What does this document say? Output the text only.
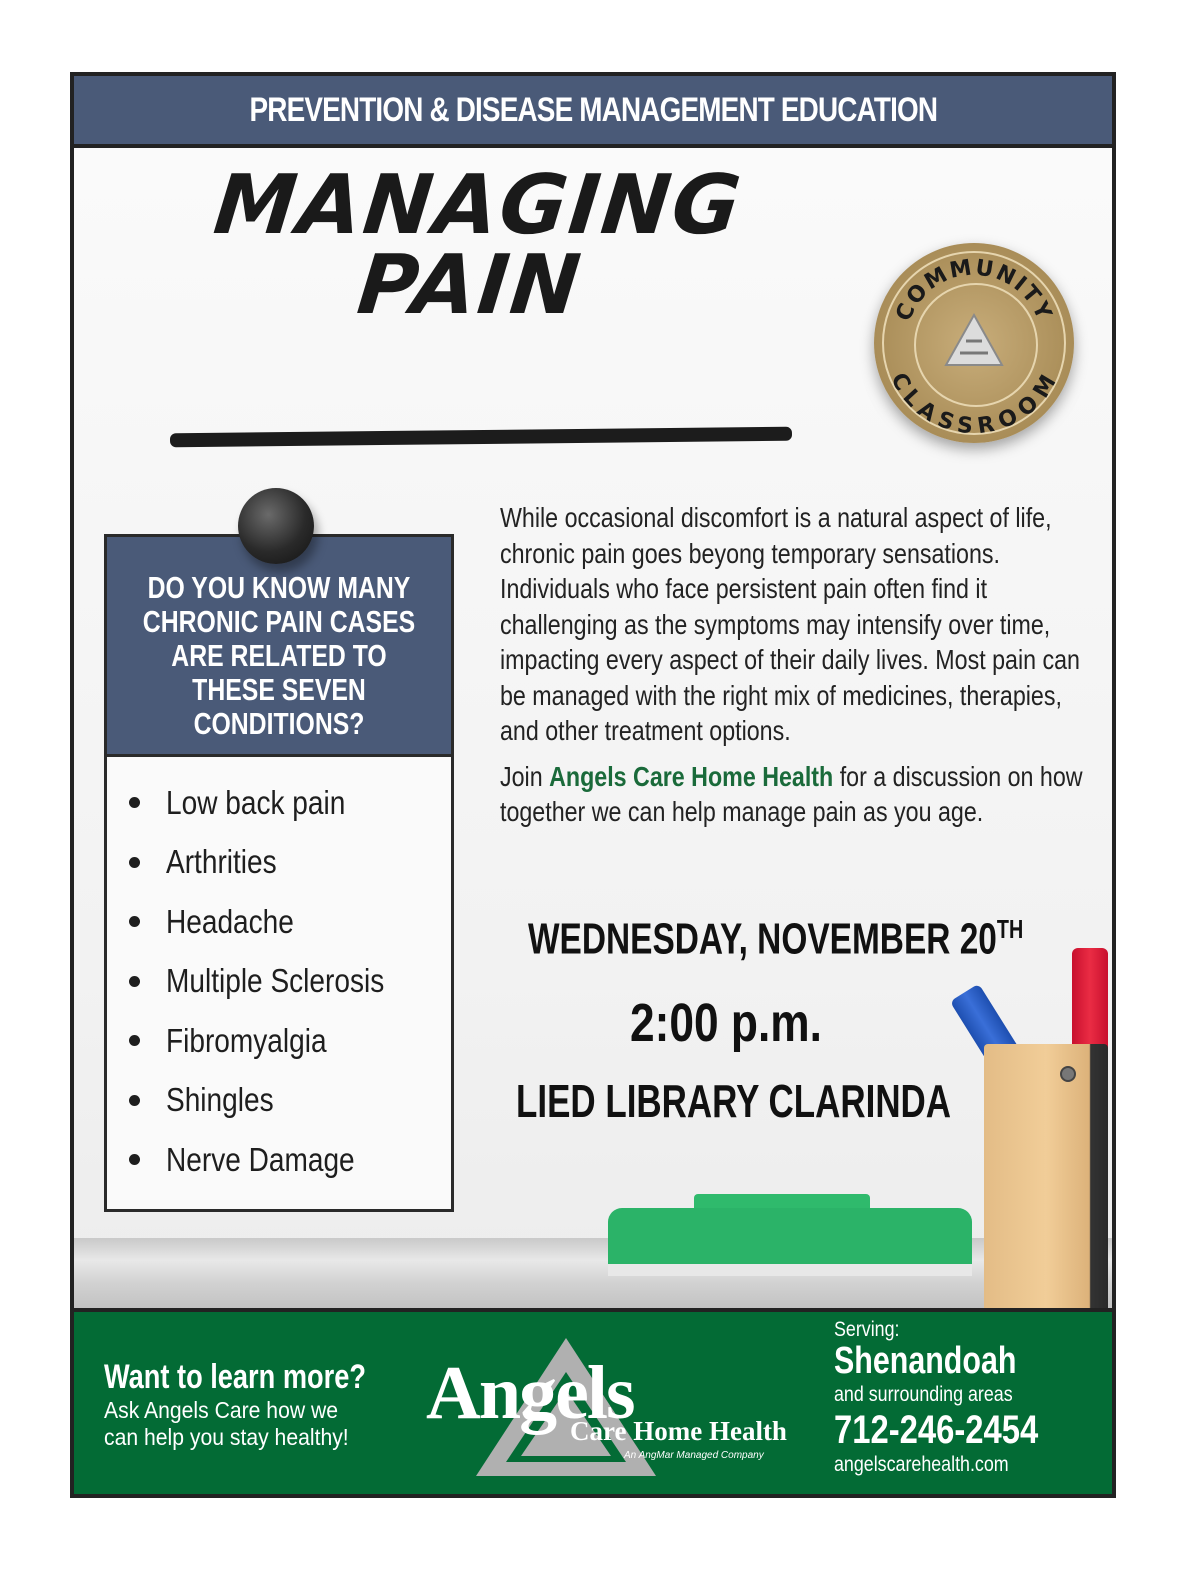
PREVENTION & DISEASE MANAGEMENT EDUCATION
MANAGING
PAIN	COMMUNITY
CLASSROOM
DO YOU KNOW MANY CHRONIC PAIN CASES ARE RELATED TO THESE SEVEN CONDITIONS?
Low back pain
Arthrities
Headache
Multiple Sclerosis
Fibromyalgia
Shingles
Nerve Damage

While occasional discomfort is a natural aspect of life, chronic pain goes beyong temporary sensations. Individuals who face persistent pain often find it challenging as the symptoms may intensify over time, impacting every aspect of their daily lives. Most pain can be managed with the right mix of medicines, therapies, and other treatment options.

Join Angels Care Home Health for a discussion on how together we can help manage pain as you age.

WEDNESDAY, NOVEMBER 20TH
2:00 p.m.
LIED LIBRARY CLARINDA
Want to learn more?
Ask Angels Care how we
can help you stay healthy!
Angels
Care Home Health
An AngMar Managed Company
Serving:
Shenandoah
and surrounding areas
712-246-2454
angelscarehealth.com
